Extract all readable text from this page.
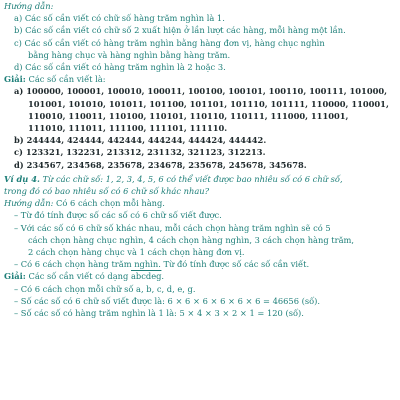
Hướng dẫn:
a) Các số cần viết có chữ số hàng trăm nghìn là 1.
b) Các số cần viết có chữ số 2 xuất hiện ở lần lượt các hàng, mỗi hàng một lần.
c) Các số cần viết có hàng trăm nghìn bằng hàng đơn vị, hàng chục nghìn
bằng hàng chục và hàng nghìn bằng hàng trăm.
d) Các số cần viết có hàng trăm nghìn là 2 hoặc 3.
Giải: Các số cần viết là:
a) 100000, 100001, 100010, 100011, 100100, 100101, 100110, 100111, 101000,
101001, 101010, 101011, 101100, 101101, 101110, 101111, 110000, 110001,
110010, 110011, 110100, 110101, 110110, 110111, 111000, 111001,
111010, 111011, 111100, 111101, 111110.
b) 244444, 424444, 442444, 444244, 444424, 444442.
c) 123321, 132231, 213312, 231132, 321123, 312213.
d) 234567, 234568, 235678, 234678, 235678, 245678, 345678.
Ví dụ 4. Từ các chữ số: 1, 2, 3, 4, 5, 6 có thể viết được bao nhiêu số có 6 chữ số,
trong đó có bao nhiêu số có 6 chữ số khác nhau?
Hướng dẫn: Có 6 cách chọn mỗi hàng.
– Từ đó tính được số các số có 6 chữ số viết được.
– Với các số có 6 chữ số khác nhau, mỗi cách chọn hàng trăm nghìn sẽ có 5
cách chọn hàng chục nghìn, 4 cách chọn hàng nghìn, 3 cách chọn hàng trăm,
2 cách chọn hàng chục và 1 cách chọn hàng đơn vị.
– Có 6 cách chọn hàng trăm nghìn. Từ đó tính được số các số cần viết.
Giải: Các số cần viết có dạng abcdeg.
– Có 6 cách chọn mỗi chữ số a, b, c, d, e, g.
– Số các số có 6 chữ số viết được là: 6 × 6 × 6 × 6 × 6 × 6 = 46656 (số).
– Số các số có hàng trăm nghìn là 1 là: 5 × 4 × 3 × 2 × 1 = 120 (số).
